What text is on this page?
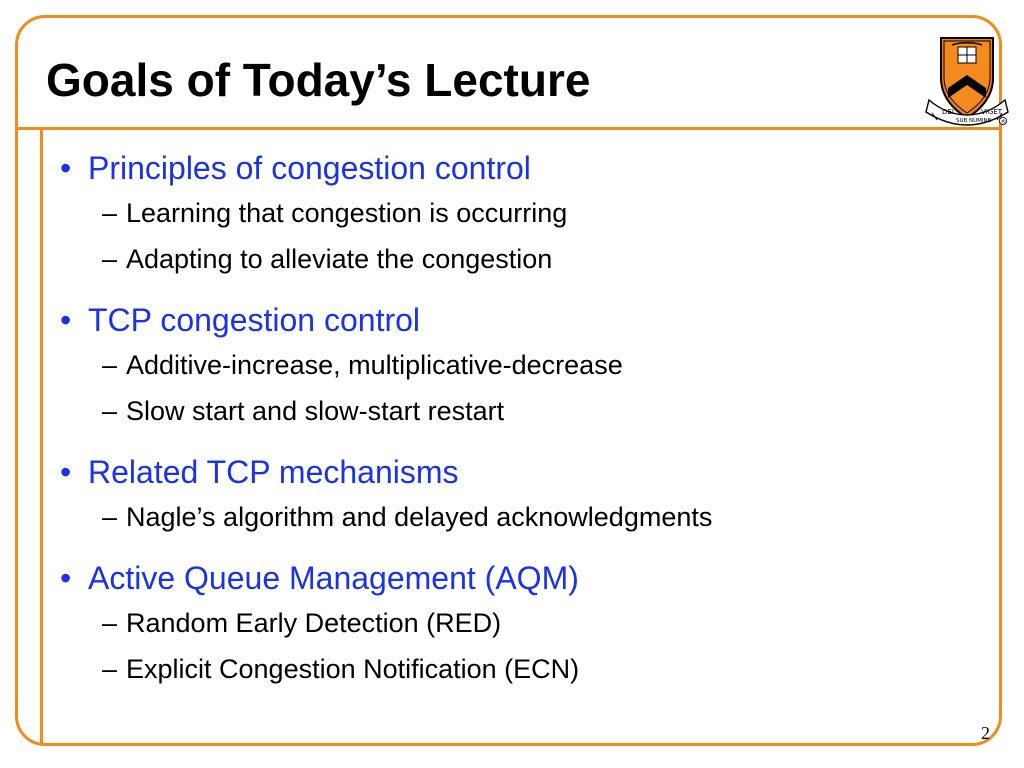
Goals of Today’s Lecture
DEI
SUB NUMINE
VIGET
®
• Principles of congestion control
– Learning that congestion is occurring
– Adapting to alleviate the congestion
• TCP congestion control
– Additive-increase, multiplicative-decrease
– Slow start and slow-start restart
• Related TCP mechanisms
– Nagle’s algorithm and delayed acknowledgments
• Active Queue Management (AQM)
– Random Early Detection (RED)
– Explicit Congestion Notification (ECN)
2
